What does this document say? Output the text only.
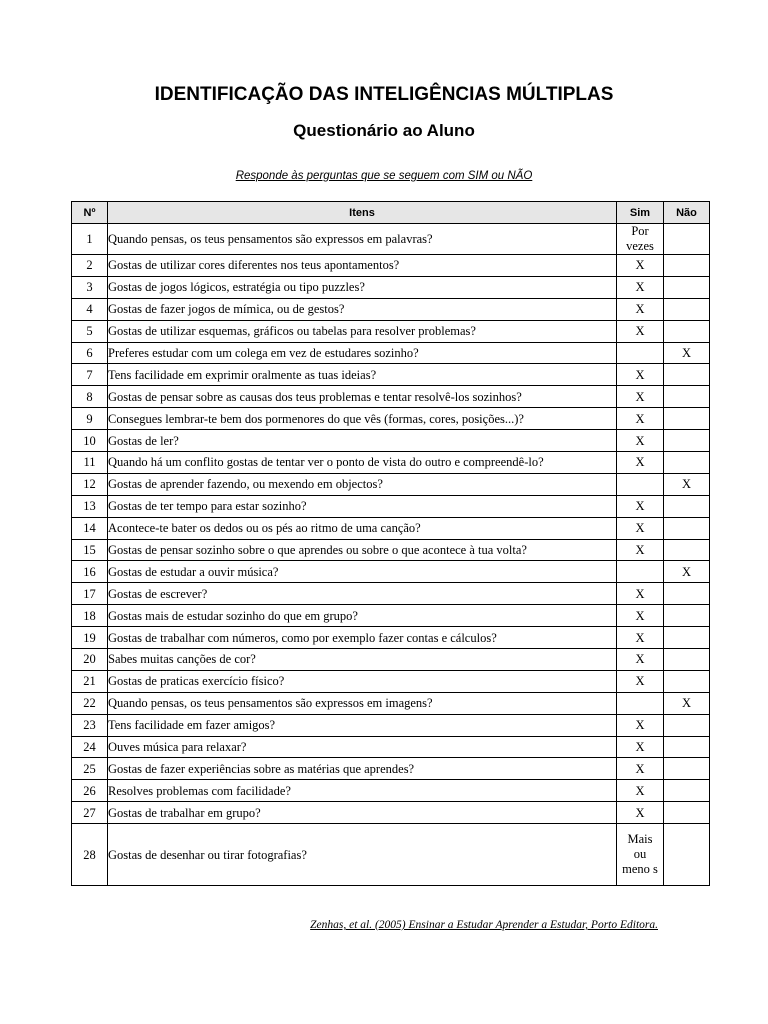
IDENTIFICAÇÃO DAS INTELIGÊNCIAS MÚLTIPLAS
Questionário ao Aluno
Responde às perguntas que se seguem com SIM ou NÃO
Nº	Itens	Sim	Não
1	Quando pensas, os teus pensamentos são expressos em palavras?	Por vezes	
2	Gostas de utilizar cores diferentes nos teus apontamentos?	X	
3	Gostas de jogos lógicos, estratégia ou tipo puzzles?	X	
4	Gostas de fazer jogos de mímica, ou de gestos?	X	
5	Gostas de utilizar esquemas, gráficos ou tabelas para resolver problemas?	X	
6	Preferes estudar com um colega em vez de estudares sozinho?		X
7	Tens facilidade em exprimir oralmente as tuas ideias?	X	
8	Gostas de pensar sobre as causas dos teus problemas e tentar resolvê-los sozinhos?	X	
9	Consegues lembrar-te bem dos pormenores do que vês (formas, cores, posições...)?	X	
10	Gostas de ler?	X	
11	Quando há um conflito gostas de tentar ver o ponto de vista do outro e compreendê-lo?	X	
12	Gostas de aprender fazendo, ou mexendo em objectos?		X
13	Gostas de ter tempo para estar sozinho?	X	
14	Acontece-te bater os dedos ou os pés ao ritmo de uma canção?	X	
15	Gostas de pensar sozinho sobre o que aprendes ou sobre o que acontece à tua volta?	X	
16	Gostas de estudar a ouvir música?		X
17	Gostas de escrever?	X	
18	Gostas mais de estudar sozinho do que em grupo?	X	
19	Gostas de trabalhar com números, como por exemplo fazer contas e cálculos?	X	
20	Sabes muitas canções de cor?	X	
21	Gostas de praticas exercício físico?	X	
22	Quando pensas, os teus pensamentos são expressos em imagens?		X
23	Tens facilidade em fazer amigos?	X	
24	Ouves música para relaxar?	X	
25	Gostas de fazer experiências sobre as matérias que aprendes?	X	
26	Resolves problemas com facilidade?	X	
27	Gostas de trabalhar em grupo?	X	
28	Gostas de desenhar ou tirar fotografias?	Mais ou meno s	
Zenhas, et al. (2005) Ensinar a Estudar Aprender a Estudar, Porto Editora.
